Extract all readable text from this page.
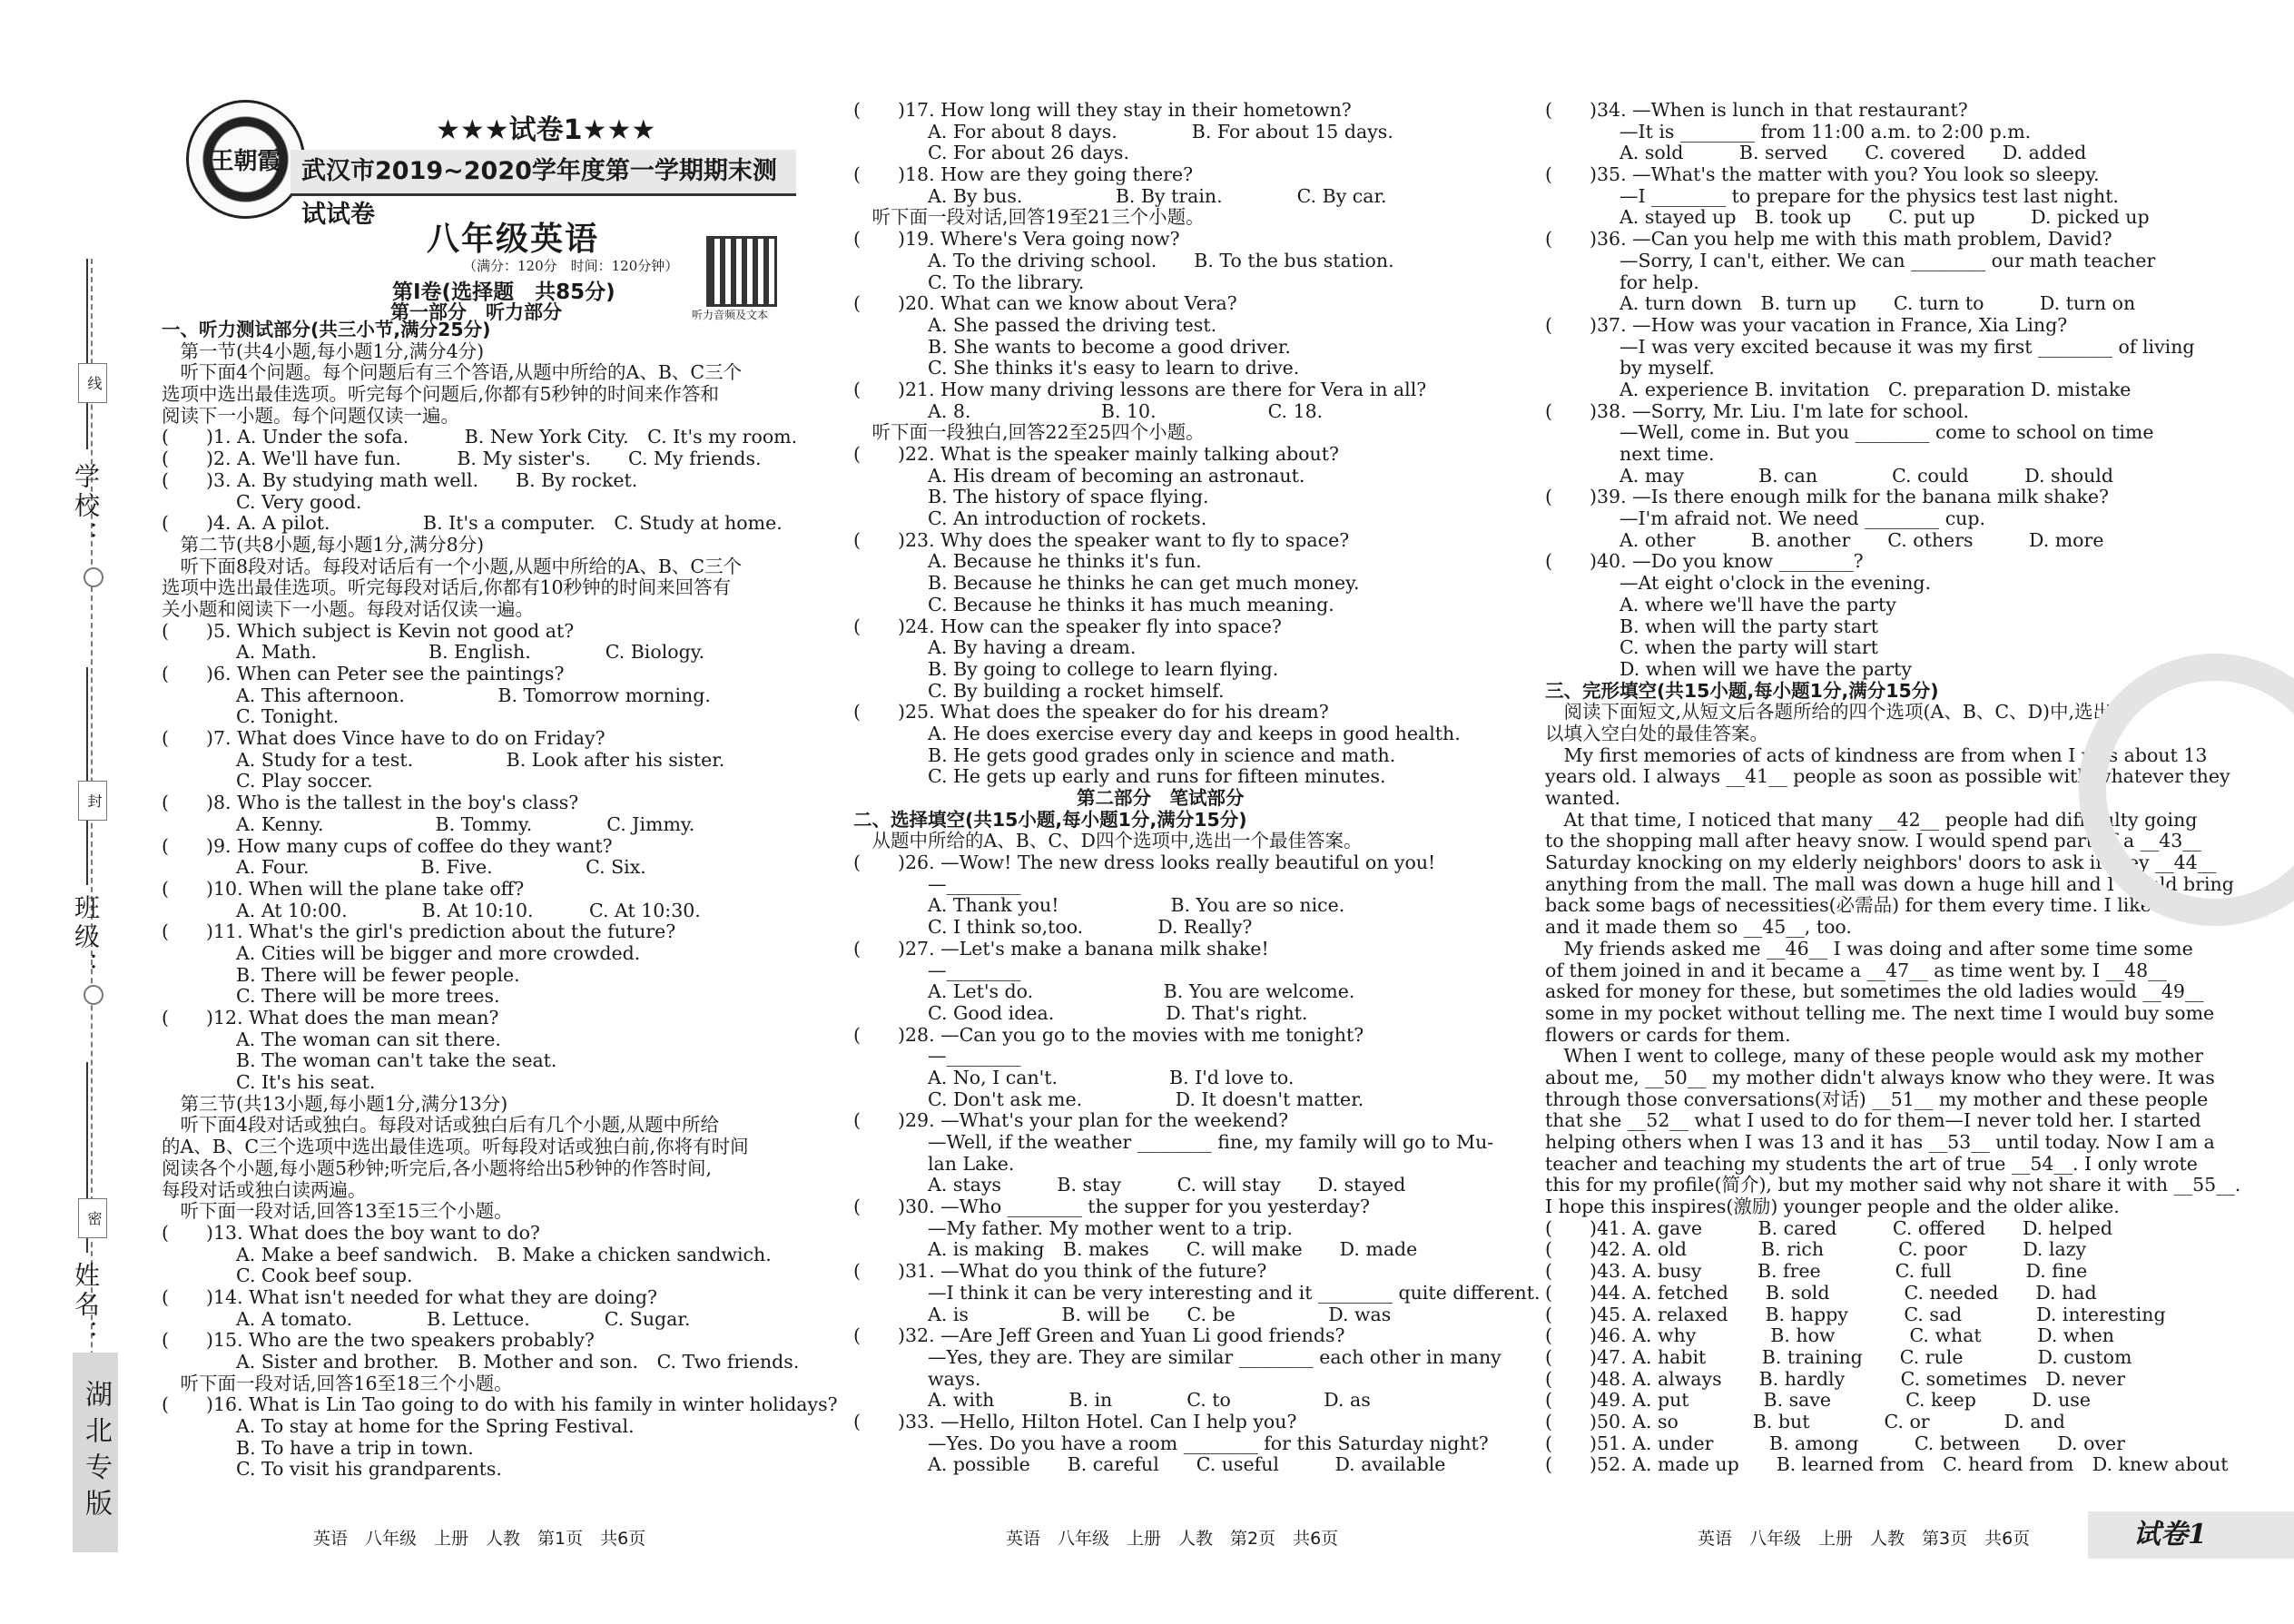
学校：
班级：
姓名：
线
封
密
湖北专版
王朝霞
★★★试卷1★★★
武汉市2019~2020学年度第一学期期末测试试卷
八年级英语
（满分：120分　时间：120分钟）
听力音频及文本
第Ⅰ卷(选择题　共85分)
第一部分　听力部分
一、听力测试部分(共三小节,满分25分)
　第一节(共4小题,每小题1分,满分4分)
　听下面4个问题。每个问题后有三个答语,从题中所给的A、B、C三个
选项中选出最佳选项。听完每个问题后,你都有5秒钟的时间来作答和
阅读下一小题。每个问题仅读一遍。
(　　)1. A. Under the sofa.　　　B. New York City.　C. It's my room.
(　　)2. A. We'll have fun.　　　B. My sister's.　　C. My friends.
(　　)3. A. By studying math well.　　B. By rocket.
　　　　C. Very good.
(　　)4. A. A pilot.　　　　　B. It's a computer.　C. Study at home.
　第二节(共8小题,每小题1分,满分8分)
　听下面8段对话。每段对话后有一个小题,从题中所给的A、B、C三个
选项中选出最佳选项。听完每段对话后,你都有10秒钟的时间来回答有
关小题和阅读下一小题。每段对话仅读一遍。
(　　)5. Which subject is Kevin not good at?
　　　　A. Math.　　　　　　B. English.　　　　C. Biology.
(　　)6. When can Peter see the paintings?
　　　　A. This afternoon.　　　　　B. Tomorrow morning.
　　　　C. Tonight.
(　　)7. What does Vince have to do on Friday?
　　　　A. Study for a test.　　　　　B. Look after his sister.
　　　　C. Play soccer.
(　　)8. Who is the tallest in the boy's class?
　　　　A. Kenny.　　　　　　B. Tommy.　　　　C. Jimmy.
(　　)9. How many cups of coffee do they want?
　　　　A. Four.　　　　　　B. Five.　　　　　C. Six.
(　　)10. When will the plane take off?
　　　　A. At 10:00.　　　　B. At 10:10.　　　C. At 10:30.
(　　)11. What's the girl's prediction about the future?
　　　　A. Cities will be bigger and more crowded.
　　　　B. There will be fewer people.
　　　　C. There will be more trees.
(　　)12. What does the man mean?
　　　　A. The woman can sit there.
　　　　B. The woman can't take the seat.
　　　　C. It's his seat.
　第三节(共13小题,每小题1分,满分13分)
　听下面4段对话或独白。每段对话或独白后有几个小题,从题中所给
的A、B、C三个选项中选出最佳选项。听每段对话或独白前,你将有时间
阅读各个小题,每小题5秒钟;听完后,各小题将给出5秒钟的作答时间,
每段对话或独白读两遍。
　听下面一段对话,回答13至15三个小题。
(　　)13. What does the boy want to do?
　　　　A. Make a beef sandwich.　B. Make a chicken sandwich.
　　　　C. Cook beef soup.
(　　)14. What isn't needed for what they are doing?
　　　　A. A tomato.　　　　B. Lettuce.　　　　C. Sugar.
(　　)15. Who are the two speakers probably?
　　　　A. Sister and brother.　B. Mother and son.　C. Two friends.
　听下面一段对话,回答16至18三个小题。
(　　)16. What is Lin Tao going to do with his family in winter holidays?
　　　　A. To stay at home for the Spring Festival.
　　　　B. To have a trip in town.
　　　　C. To visit his grandparents.
(　　)17. How long will they stay in their hometown?
　　　　A. For about 8 days.　　　　B. For about 15 days.
　　　　C. For about 26 days.
(　　)18. How are they going there?
　　　　A. By bus.　　　　　B. By train.　　　　C. By car.
　听下面一段对话,回答19至21三个小题。
(　　)19. Where's Vera going now?
　　　　A. To the driving school.　　B. To the bus station.
　　　　C. To the library.
(　　)20. What can we know about Vera?
　　　　A. She passed the driving test.
　　　　B. She wants to become a good driver.
　　　　C. She thinks it's easy to learn to drive.
(　　)21. How many driving lessons are there for Vera in all?
　　　　A. 8.　　　　　　　B. 10.　　　　　　C. 18.
　听下面一段独白,回答22至25四个小题。
(　　)22. What is the speaker mainly talking about?
　　　　A. His dream of becoming an astronaut.
　　　　B. The history of space flying.
　　　　C. An introduction of rockets.
(　　)23. Why does the speaker want to fly to space?
　　　　A. Because he thinks it's fun.
　　　　B. Because he thinks he can get much money.
　　　　C. Because he thinks it has much meaning.
(　　)24. How can the speaker fly into space?
　　　　A. By having a dream.
　　　　B. By going to college to learn flying.
　　　　C. By building a rocket himself.
(　　)25. What does the speaker do for his dream?
　　　　A. He does exercise every day and keeps in good health.
　　　　B. He gets good grades only in science and math.
　　　　C. He gets up early and runs for fifteen minutes.
　　　　　　　　　　　　第二部分　笔试部分
二、选择填空(共15小题,每小题1分,满分15分)
　从题中所给的A、B、C、D四个选项中,选出一个最佳答案。
(　　)26. —Wow! The new dress looks really beautiful on you!
　　　　—________
　　　　A. Thank you!　　　　　　B. You are so nice.
　　　　C. I think so,too.　　　　D. Really?
(　　)27. —Let's make a banana milk shake!
　　　　—________
　　　　A. Let's do.　　　　　　　B. You are welcome.
　　　　C. Good idea.　　　　　　D. That's right.
(　　)28. —Can you go to the movies with me tonight?
　　　　—________
　　　　A. No, I can't.　　　　　　B. I'd love to.
　　　　C. Don't ask me.　　　　　D. It doesn't matter.
(　　)29. —What's your plan for the weekend?
　　　　—Well, if the weather ________ fine, my family will go to Mu-
　　　　lan Lake.
　　　　A. stays　　　B. stay　　　C. will stay　　D. stayed
(　　)30. —Who ________ the supper for you yesterday?
　　　　—My father. My mother went to a trip.
　　　　A. is making　B. makes　　C. will make　　D. made
(　　)31. —What do you think of the future?
　　　　—I think it can be very interesting and it ________ quite different.
　　　　A. is　　　　　B. will be　　C. be　　　　　D. was
(　　)32. —Are Jeff Green and Yuan Li good friends?
　　　　—Yes, they are. They are similar ________ each other in many
　　　　ways.
　　　　A. with　　　　B. in　　　　C. to　　　　　D. as
(　　)33. —Hello, Hilton Hotel. Can I help you?
　　　　—Yes. Do you have a room ________ for this Saturday night?
　　　　A. possible　　B. careful　　C. useful　　　D. available
(　　)34. —When is lunch in that restaurant?
　　　　—It is ________ from 11:00 a.m. to 2:00 p.m.
　　　　A. sold　　　B. served　　C. covered　　D. added
(　　)35. —What's the matter with you? You look so sleepy.
　　　　—I ________ to prepare for the physics test last night.
　　　　A. stayed up　B. took up　　C. put up　　　D. picked up
(　　)36. —Can you help me with this math problem, David?
　　　　—Sorry, I can't, either. We can ________ our math teacher
　　　　for help.
　　　　A. turn down　B. turn up　　C. turn to　　　D. turn on
(　　)37. —How was your vacation in France, Xia Ling?
　　　　—I was very excited because it was my first ________ of living
　　　　by myself.
　　　　A. experience B. invitation　C. preparation D. mistake
(　　)38. —Sorry, Mr. Liu. I'm late for school.
　　　　—Well, come in. But you ________ come to school on time
　　　　next time.
　　　　A. may　　　　B. can　　　　C. could　　　D. should
(　　)39. —Is there enough milk for the banana milk shake?
　　　　—I'm afraid not. We need ________ cup.
　　　　A. other　　　B. another　　C. others　　　D. more
(　　)40. —Do you know ________?
　　　　—At eight o'clock in the evening.
　　　　A. where we'll have the party
　　　　B. when will the party start
　　　　C. when the party will start
　　　　D. when will we have the party
三、完形填空(共15小题,每小题1分,满分15分)
　阅读下面短文,从短文后各题所给的四个选项(A、B、C、D)中,选出可
以填入空白处的最佳答案。
　My first memories of acts of kindness are from when I was about 13
years old. I always __41__ people as soon as possible with whatever they
wanted.
　At that time, I noticed that many __42__ people had difficulty going
to the shopping mall after heavy snow. I would spend part of a __43__
Saturday knocking on my elderly neighbors' doors to ask if they __44__
anything from the mall. The mall was down a huge hill and I would bring
back some bags of necessities(必需品) for them every time. I liked it
and it made them so __45__, too.
　My friends asked me __46__ I was doing and after some time some
of them joined in and it became a __47__ as time went by. I __48__
asked for money for these, but sometimes the old ladies would __49__
some in my pocket without telling me. The next time I would buy some
flowers or cards for them.
　When I went to college, many of these people would ask my mother
about me, __50__ my mother didn't always know who they were. It was
through those conversations(对话) __51__ my mother and these people
that she __52__ what I used to do for them—I never told her. I started
helping others when I was 13 and it has __53__ until today. Now I am a
teacher and teaching my students the art of true __54__. I only wrote
this for my profile(简介), but my mother said why not share it with __55__.
I hope this inspires(激励) younger people and the older alike.
(　　)41. A. gave　　　B. cared　　　C. offered　　D. helped
(　　)42. A. old　　　　B. rich　　　　C. poor　　　D. lazy
(　　)43. A. busy　　　B. free　　　　C. full　　　　D. fine
(　　)44. A. fetched　　B. sold　　　　C. needed　　D. had
(　　)45. A. relaxed　　B. happy　　　C. sad　　　　D. interesting
(　　)46. A. why　　　　B. how　　　　C. what　　　D. when
(　　)47. A. habit　　　B. training　　C. rule　　　　D. custom
(　　)48. A. always　　B. hardly　　　C. sometimes　D. never
(　　)49. A. put　　　　B. save　　　　C. keep　　　D. use
(　　)50. A. so　　　　B. but　　　　C. or　　　　D. and
(　　)51. A. under　　　B. among　　　C. between　　D. over
(　　)52. A. made up　　B. learned from　C. heard from　D. knew about
英语　八年级　上册　人教　第1页　共6页	英语　八年级　上册　人教　第2页　共6页	英语　八年级　上册　人教　第3页　共6页	试卷1
